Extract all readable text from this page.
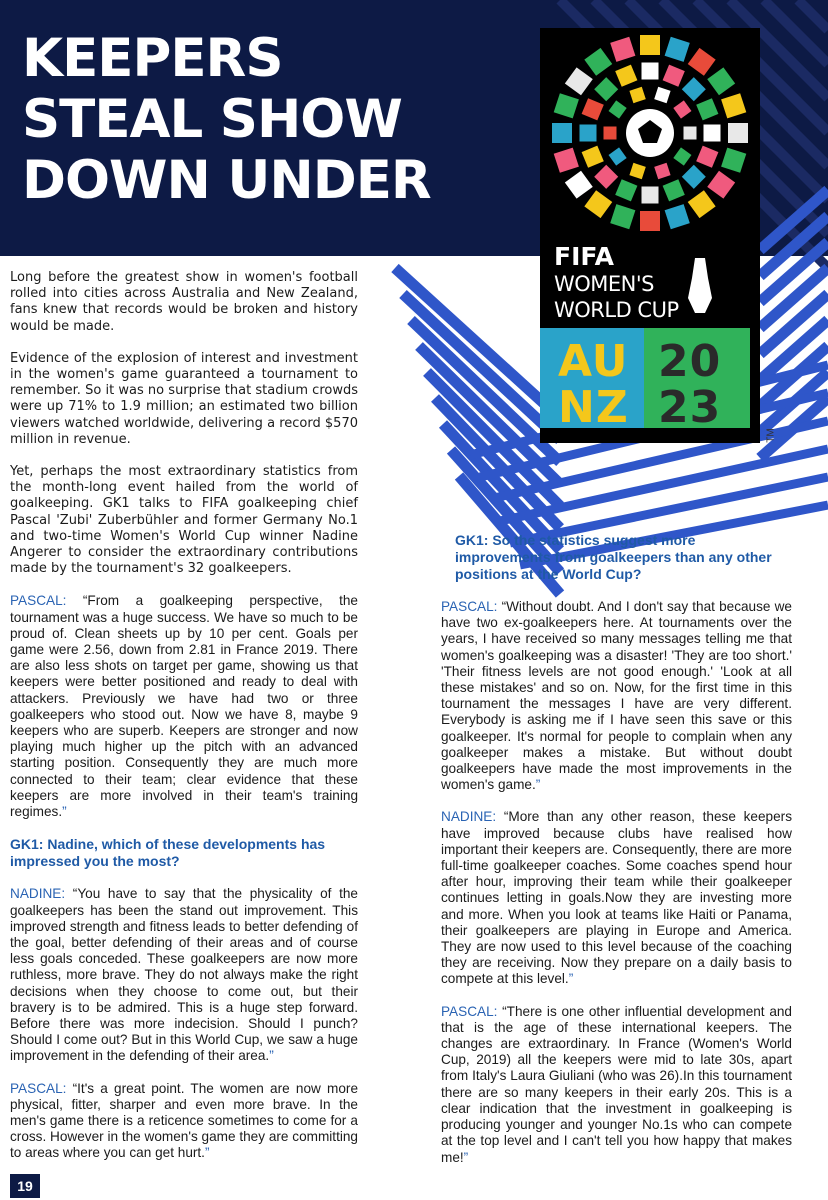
KEEPERS
STEAL SHOW
DOWN UNDER
FIFA
WOMEN'S
WORLD CUP
AU
NZ
20
23
TM

Long before the greatest show in women's football rolled into cities across Australia and New Zealand, fans knew that records would be broken and history would be made.

Evidence of the explosion of interest and investment in the women's game guaranteed a tournament to remember. So it was no surprise that stadium crowds were up 71% to 1.9 million; an estimated two billion viewers watched worldwide, delivering a record $570 million in revenue.

Yet, perhaps the most extraordinary statistics from the month-long event hailed from the world of goalkeeping. GK1 talks to FIFA goalkeeping chief Pascal 'Zubi' Zuberbühler and former Germany No.1 and two-time Women's World Cup winner Nadine Angerer to consider the extraordinary contributions made by the tournament's 32 goalkeepers.

PASCAL: “From a goalkeeping perspective, the tournament was a huge success. We have so much to be proud of. Clean sheets up by 10 per cent. Goals per game were 2.56, down from 2.81 in France 2019. There are also less shots on target per game, showing us that keepers were better positioned and ready to deal with attackers. Previously we have had two or three goalkeepers who stood out. Now we have 8, maybe 9 keepers who are superb. Keepers are stronger and now playing much higher up the pitch with an advanced starting position. Consequently they are much more connected to their team; clear evidence that these keepers are more involved in their team's training regimes.”

GK1: Nadine, which of these developments has impressed you the most?

NADINE: “You have to say that the physicality of the goalkeepers has been the stand out improvement. This improved strength and fitness leads to better defending of the goal, better defending of their areas and of course less goals conceded. These goalkeepers are now more ruthless, more brave. They do not always make the right decisions when they choose to come out, but their bravery is to be admired. This is a huge step forward. Before there was more indecision. Should I punch? Should I come out? But in this World Cup, we saw a huge improvement in the defending of their area.”

PASCAL: “It's a great point. The women are now more physical, fitter, sharper and even more brave. In the men's game there is a reticence sometimes to come for a cross. However in the women's game they are committing to areas where you can get hurt.”

GK1: So the statistics suggest more improvements from goalkeepers than any other positions at the World Cup?

PASCAL: “Without doubt. And I don't say that because we have two ex-goalkeepers here. At tournaments over the years, I have received so many messages telling me that women's goalkeeping was a disaster! 'They are too short.' 'Their fitness levels are not good enough.' 'Look at all these mistakes' and so on. Now, for the first time in this tournament the messages I have are very different. Everybody is asking me if I have seen this save or this goalkeeper. It's normal for people to complain when any goalkeeper makes a mistake. But without doubt goalkeepers have made the most improvements in the women's game.”

NADINE: “More than any other reason, these keepers have improved because clubs have realised how important their keepers are. Consequently, there are more full-time goalkeeper coaches. Some coaches spend hour after hour, improving their team while their goalkeeper continues letting in goals.Now they are investing more and more. When you look at teams like Haiti or Panama, their goalkeepers are playing in Europe and America. They are now used to this level because of the coaching they are receiving. Now they prepare on a daily basis to compete at this level.”

PASCAL: “There is one other influential development and that is the age of these international keepers. The changes are extraordinary. In France (Women's World Cup, 2019) all the keepers were mid to late 30s, apart from Italy's Laura Giuliani (who was 26).In this tournament there are so many keepers in their early 20s. This is a clear indication that the investment in goalkeeping is producing younger and younger No.1s who can compete at the top level and I can't tell you how happy that makes me!”

19
